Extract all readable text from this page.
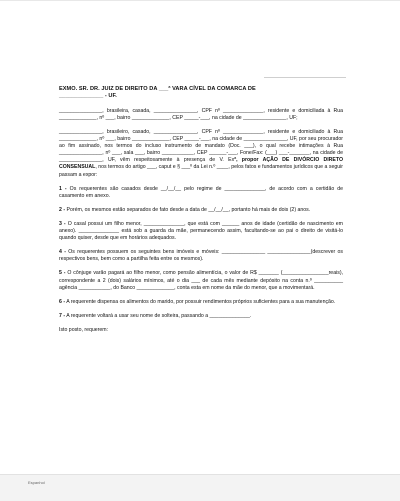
EXMO. SR. DR. JUIZ DE DIREITO DA ___ª VARA CÍVEL DA COMARCA DE
______________ - UF.

_______________, brasileira, casada, _______________, CPF nº ______________, residente e domiciliada à Rua _____________, nº ___, bairro _____________, CEP _____-___, na cidade de _______________, UF;

_______________, brasileiro, casado, _______________, CPF nº ______________, residente e domiciliado à Rua _____________, nº ___, bairro _____________, CEP _____-___, na cidade de _______________, UF, por seu procurador ao fim assinado, nos termos do incluso instrumento de mandato (Doc. ___), o qual recebe intimações à Rua _______________, nº ___, sala ___, bairro ___________, CEP ______-___, Fone/Fax: (___) ___-_______, na cidade de _______________, UF, vêm respeitosamente à presença de V. Exª, propor AÇÃO DE DIVÓRCIO DIRETO CONSENSUAL, nos termos do artigo ___, caput e § ___º da Lei n.º ____, pelos fatos e fundamentos jurídicos que a seguir passam a expor:

1 - Os requerentes são casados desde __/__/__ pelo regime de ______________, de acordo com a certidão de casamento em anexo.

2 - Porém, os mesmos estão separados de fato desde a data de __/__/__, portanto há mais de dois (2) anos.

3 - O casal possui um filho menor, ______________, que está com ______ anos de idade (certidão de nascimento em anexo). ______________ está sob a guarda da mãe, permanecendo assim, facultando-se ao pai o direito de visitá-lo quando quiser, desde que em horários adequados.

4 - Os requerentes possuem os seguintes bens imóveis e móveis: _______________ _______________(descrever os respectivos bens, bem como a partilha feita entre os mesmos).

5 - O cônjuge varão pagará ao filho menor, como pensão alimentícia, o valor de R$ _______ (________________reais), correspondente a 2 (dois) salários mínimos, até o dia ___ de cada mês mediante depósito na conta n.º __________ agência ___________, do Banco _____________, conta esta em nome da mãe do menor, que a movimentará.

6 - A requerente dispensa os alimentos do marido, por possuir rendimentos próprios suficientes para a sua manutenção.

7 - A requerente voltará a usar seu nome de solteira, passando a ______________.

Isto posto, requerem:

Espanhol
